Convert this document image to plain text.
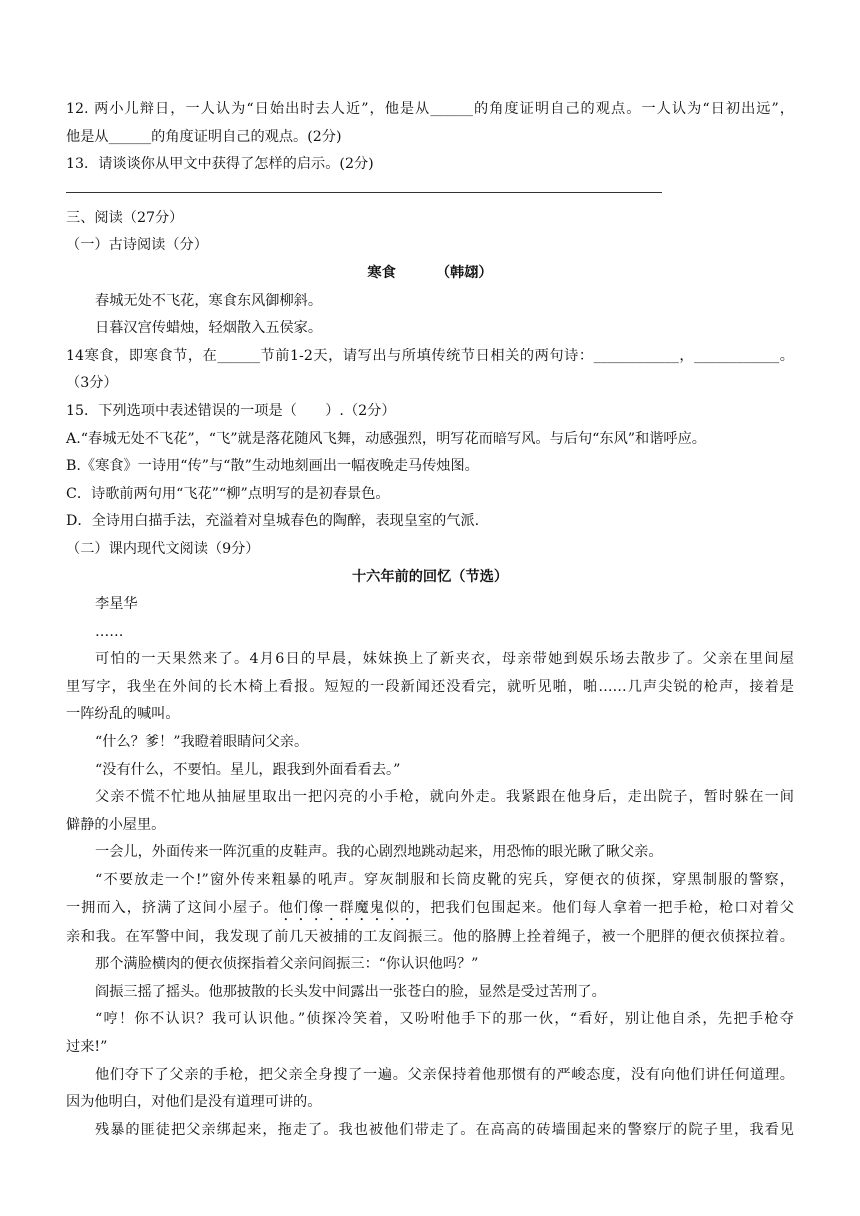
12. 两小儿辩日，一人认为“日始出时去人近”，他是从______的角度证明自己的观点。一人认为“日初出远”，
他是从______的角度证明自己的观点。(2分)
13．请谈谈你从甲文中获得了怎样的启示。(2分)
三、阅读（27分）
（一）古诗阅读（分）
寒食	（韩翃）
春城无处不飞花，寒食东风御柳斜。
日暮汉宫传蜡烛，轻烟散入五侯家。
14寒食，即寒食节，在______节前1-2天，请写出与所填传统节日相关的两句诗：____________，____________。
（3分）
15．下列选项中表述错误的一项是（　　）.（2分）
A.“春城无处不飞花”，“飞”就是落花随风飞舞，动感强烈，明写花而暗写风。与后句“东风”和谐呼应。
B.《寒食》一诗用“传”与“散”生动地刻画出一幅夜晚走马传烛图。
C．诗歌前两句用“飞花”“柳”点明写的是初春景色。
D．全诗用白描手法，充溢着对皇城春色的陶醉，表现皇室的气派.
（二）课内现代文阅读（9分）
十六年前的回忆（节选）
李星华
……
可怕的一天果然来了。4月6日的早晨，妹妹换上了新夹衣，母亲带她到娱乐场去散步了。父亲在里间屋
里写字，我坐在外间的长木椅上看报。短短的一段新闻还没看完，就听见啪，啪……几声尖锐的枪声，接着是
一阵纷乱的喊叫。
“什么？爹！”我瞪着眼睛问父亲。
“没有什么，不要怕。星儿，跟我到外面看看去。”
父亲不慌不忙地从抽屉里取出一把闪亮的小手枪，就向外走。我紧跟在他身后，走出院子，暂时躲在一间
僻静的小屋里。
一会儿，外面传来一阵沉重的皮鞋声。我的心剧烈地跳动起来，用恐怖的眼光瞅了瞅父亲。
“不要放走一个!”窗外传来粗暴的吼声。穿灰制服和长筒皮靴的宪兵，穿便衣的侦探，穿黑制服的警察，
一拥而入，挤满了这间小屋子。他们像一群魔鬼似的，把我们包围起来。他们每人拿着一把手枪，枪口对着父
亲和我。在军警中间，我发现了前几天被捕的工友阎振三。他的胳膊上拴着绳子，被一个肥胖的便衣侦探拉着。
那个满脸横肉的便衣侦探指着父亲问阎振三：“你认识他吗？”
阎振三摇了摇头。他那披散的长头发中间露出一张苍白的脸，显然是受过苦刑了。
“哼！你不认识？我可认识他。”侦探冷笑着，又吩咐他手下的那一伙，“看好，别让他自杀，先把手枪夺
过来!”
他们夺下了父亲的手枪，把父亲全身搜了一遍。父亲保持着他那惯有的严峻态度，没有向他们讲任何道理。
因为他明白，对他们是没有道理可讲的。
残暴的匪徒把父亲绑起来，拖走了。我也被他们带走了。在高高的砖墙围起来的警察厅的院子里，我看见
